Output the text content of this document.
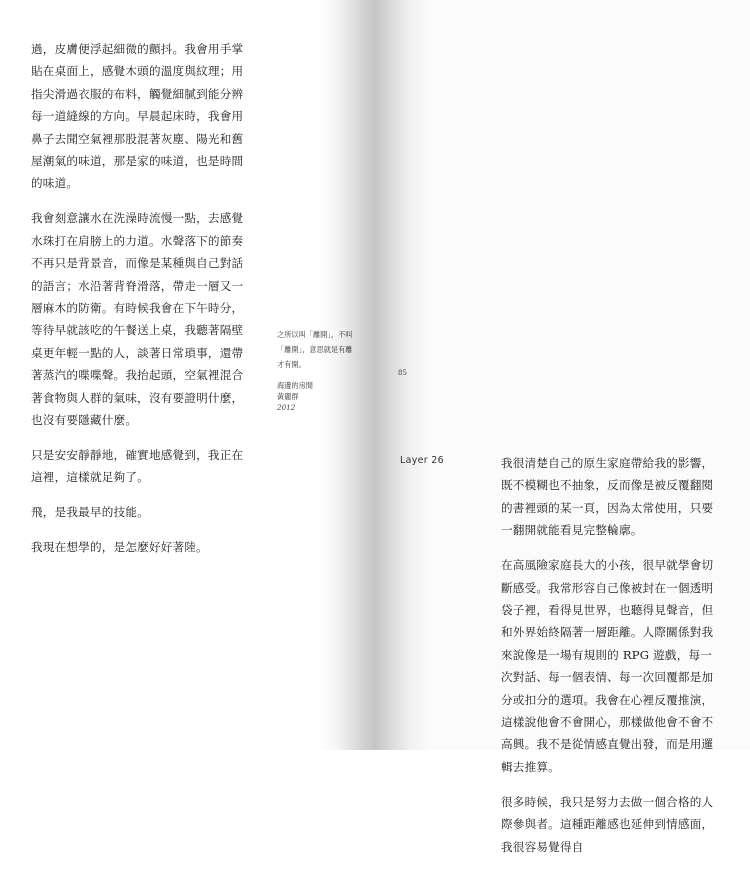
過，皮膚便浮起細微的顫抖。我會用手掌貼在桌面上，感覺木頭的溫度與紋理；用指尖滑過衣服的布料，觸覺細膩到能分辨每一道縫線的方向。早晨起床時，我會用鼻子去聞空氣裡那股混著灰塵、陽光和舊屋潮氣的味道，那是家的味道，也是時間的味道。

我會刻意讓水在洗澡時流慢一點，去感覺水珠打在肩膀上的力道。水聲落下的節奏不再只是背景音，而像是某種與自己對話的語言；水沿著背脊滑落，帶走一層又一層麻木的防衛。有時候我會在下午時分，等待早就該吃的午餐送上桌，我聽著隔壁桌更年輕一點的人，談著日常瑣事，還帶著蒸汽的喋喋聲。我抬起頭，空氣裡混合著食物與人群的氣味，沒有要證明什麼，也沒有要隱藏什麼。

只是安安靜靜地，確實地感覺到，我正在這裡，這樣就足夠了。

飛，是我最早的技能。

我現在想學的，是怎麼好好著陸。

之所以叫「離開」，不叫
「離開」，意思就是有離
才有開。
海邊的房間
黃麗群
2012
85
Layer 26	我很清楚自己的原生家庭帶給我的影響，既不模糊也不抽象，反而像是被反覆翻閱的書裡頭的某一頁，因為太常使用，只要一翻開就能看見完整輪廓。

在高風險家庭長大的小孩，很早就學會切斷感受。我常形容自己像被封在一個透明袋子裡，看得見世界，也聽得見聲音，但和外界始終隔著一層距離。人際關係對我來說像是一場有規則的 RPG 遊戲，每一次對話、每一個表情、每一次回覆都是加分或扣分的選項。我會在心裡反覆推演，這樣說他會不會開心，那樣做他會不會不高興。我不是從情感直覺出發，而是用邏輯去推算。

很多時候，我只是努力去做一個合格的人際參與者。這種距離感也延伸到情感面，我很容易覺得自
